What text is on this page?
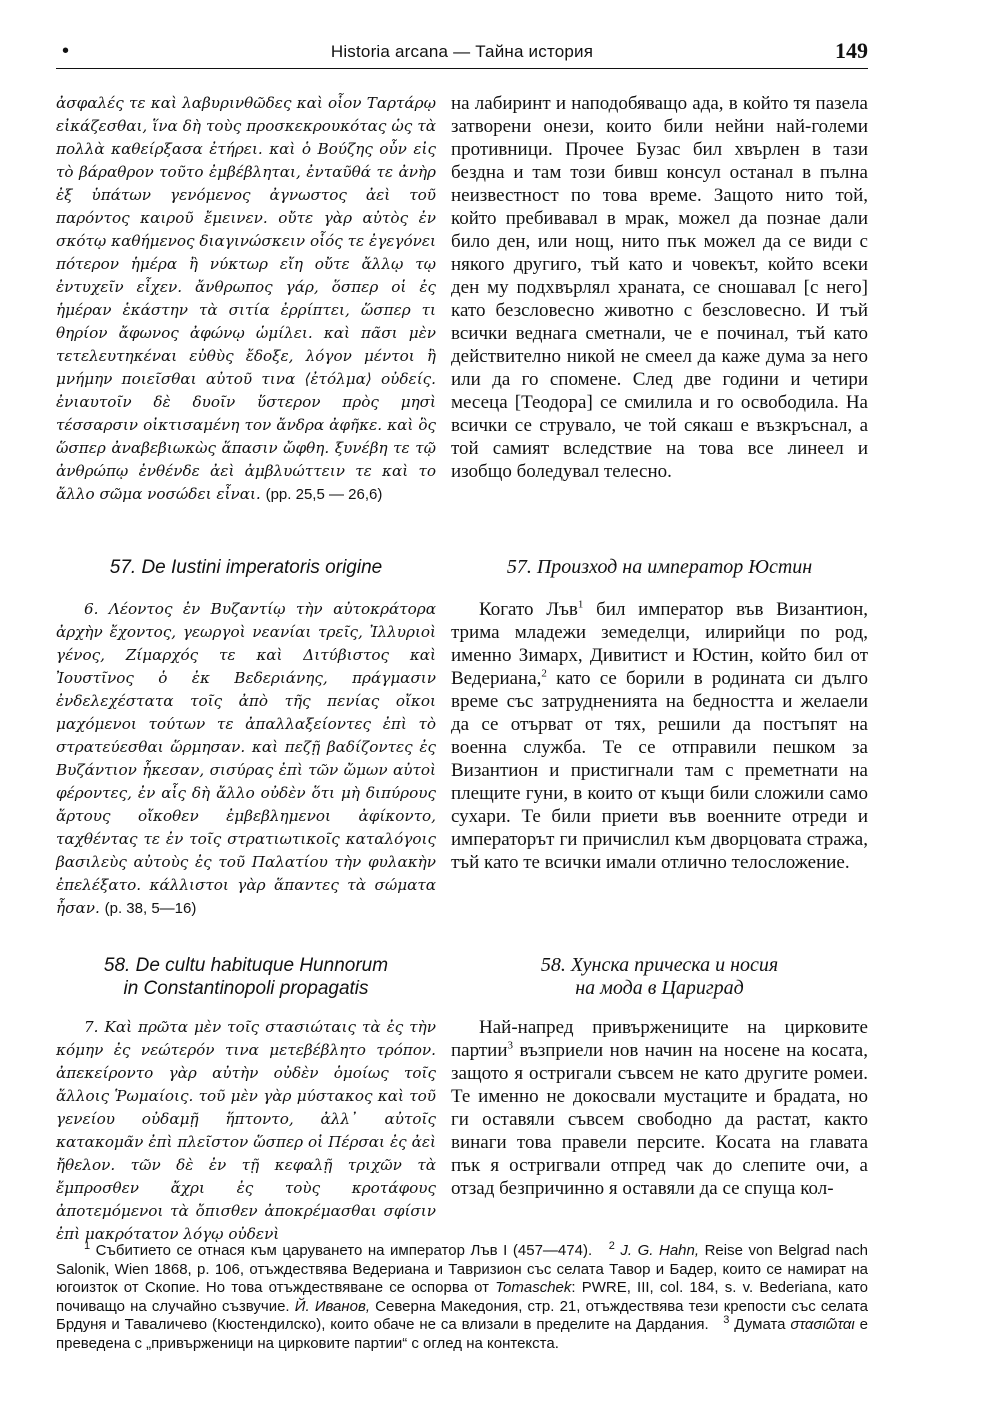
•	Historia arcana — Тайна история	149

ἀσφαλές τε καὶ λαβυρινθῶδες καὶ οἷον Ταρτάρῳ εἰκάζεσθαι, ἵνα δὴ τοὺς προσκεκρουκότας ὡς τὰ πολλὰ καθείρξασα ἐτήρει. καὶ ὁ Βούζης οὖν εἰς τὸ βάραθρον τοῦτο ἐμβέβληται, ἐνταῦθά τε ἀνὴρ ἐξ ὑπάτων γενόμενος ἀγνωστος ἀεὶ τοῦ παρόντος καιροῦ ἔμεινεν. οὔτε γὰρ αὐτὸς ἐν σκότῳ καθήμενος διαγινώσκειν οἷός τε ἐγεγόνει πότερον ἡμέρα ἢ νύκτωρ εἴη οὔτε ἄλλῳ τῳ ἐντυχεῖν εἶχεν. ἄνθρωπος γάρ, ὅσπερ οἱ ἐς ἡμέραν ἑκάστην τὰ σιτία ἐρρίπτει, ὥσπερ τι θηρίον ἄφωνος ἀφώνῳ ὡμίλει. καὶ πᾶσι μὲν τετελευτηκέναι εὐθὺς ἔδοξε, λόγον μέντοι ἢ μνήμην ποιεῖσθαι αὐτοῦ τινα ⟨ἐτόλμα⟩ οὐδείς. ἐνιαυτοῖν δὲ δυοῖν ὕστερον πρὸς μησὶ τέσσαρσιν οἰκτισαμένη τον ἄνδρα ἀφῆκε. καὶ ὃς ὥσπερ ἀναβεβιωκὼς ἅπασιν ὤφθη. ξυνέβη τε τῷ ἀνθρώπῳ ἐνθένδε ἀεὶ ἀμβλυώττειν τε καὶ το ἄλλο σῶμα νοσώδει εἶναι. (pp. 25,5 — 26,6)

на лабиринт и наподобяващо ада, в който тя пазела затворени онези, които били нейни най-големи противници. Прочее Бузас бил хвърлен в тази бездна и там този бивш консул останал в пълна неизвестност по това време. Защото нито той, който пребивавал в мрак, можел да познае дали било ден, или нощ, нито пък можел да се види с някого другиго, тъй като и човекът, който всеки ден му подхвърлял храната, се сношавал [с него] като безсловесно животно с безсловесно. И тъй всички веднага сметнали, че е починал, тъй като действително никой не смеел да каже дума за него или да го спомене. След две години и четири месеца [Теодора] се смилила и го освободила. На всички се струвало, че той сякаш е възкръснал, а той самият вследствие на това все линеел и изобщо боледувал телесно.

57. De Iustini imperatoris origine	57. Произход на император Юстин

6. Λέοντος ἐν Βυζαντίῳ τὴν αὐτοκράτορα ἀρχὴν ἔχοντος, γεωργοὶ νεανίαι τρεῖς, Ἰλλυριοὶ γένος, Ζίμαρχός τε καὶ Διτύβιστος καὶ Ἰουστῖνος ὁ ἐκ Βεδεριάνης, πράγμασιν ἐνδελεχέστατα τοῖς ἀπὸ τῆς πενίας οἴκοι μαχόμενοι τούτων τε ἀπαλλαξείοντες ἐπὶ τὸ στρατεύεσθαι ὥρμησαν. καὶ πεζῇ βαδίζοντες ἐς Βυζάντιον ἧκεσαν, σισύρας ἐπὶ τῶν ὤμων αὐτοὶ φέροντες, ἐν αἷς δὴ ἄλλο οὐδὲν ὅτι μὴ διπύρους ἄρτους οἴκοθεν ἐμβεβλημενοι ἀφίκοντο, ταχθέντας τε ἐν τοῖς στρατιωτικοῖς καταλόγοις βασιλεὺς αὐτοὺς ἐς τοῦ Παλατίου τὴν φυλακὴν ἐπελέξατο. κάλλιστοι γὰρ ἅπαντες τὰ σώματα ἦσαν. (p. 38, 5—16)

Когато Лъв$^1$ бил император във Византион, трима младежи земеделци, илирийци по род, именно Зимарх, Дивитист и Юстин, който бил от Ведериана,$^2$ като се борили в родината си дълго време със затрудненията на бедността и желаели да се отърват от тях, решили да постъпят на военна служба. Те се отправили пешком за Византион и пристигнали там с преметнати на плещите гуни, в които от къщи били сложили само сухари. Те били приети във военните отреди и императорът ги причислил към дворцовата стража, тъй като те всички имали отлично телосложение.

58. De cultu habituque Hunnorum
in Constantinopoli propagatis
58. Хунска прическа и носия
на мода в Цариград

7. Καὶ πρῶτα μὲν τοῖς στασιώταις τὰ ἐς τὴν κόμην ἐς νεώτερόν τινα μετεβέβλητο τρόπον. ἀπεκείροντο γὰρ αὐτὴν οὐδὲν ὁμοίως τοῖς ἄλλοις Ῥωμαίοις. τοῦ μὲν γὰρ μύστακος καὶ τοῦ γενείου οὐδαμῇ ἥπτοντο, ἀλλ᾽ αὐτοῖς κατακομᾶν ἐπὶ πλεῖστον ὥσπερ οἱ Πέρσαι ἐς ἀεὶ ἤθελον. τῶν δὲ ἐν τῇ κεφαλῇ τριχῶν τὰ ἔμπροσθεν ἄχρι ἐς τοὺς κροτάφους ἀποτεμόμενοι τὰ ὄπισθεν ἀποκρέμασθαι σφίσιν ἐπὶ μακρότατον λόγῳ οὐδενὶ

Най-напред привържениците на цирковите партии$^3$ възприели нов начин на носене на косата, защото я остригали съвсем не като другите ромеи. Те именно не докосвали мустаците и брадата, но ги оставяли съвсем свободно да растат, както винаги това правели персите. Косата на главата пък я остригвали отпред чак до слепите очи, а отзад безпричинно я оставяли да се спуща кол-

$^1$ Събитието се отнася към царуването на император Лъв I (457—474). $^2$ J. G. Hahn, Reise von Belgrad nach Salonik, Wien 1868, p. 106, отъждествява Ведериана и Тавризион със селата Тавор и Бадер, които се намират на югоизток от Скопие. Но това отъждествяване се оспорва от Tomaschek: PWRE, III, col. 184, s. v. Bederiana, като почиващо на случайно съзвучие. Й. Иванов, Северна Македония, стр. 21, отъждествява тези крепости със селата Брдуня и Таваличево (Кюстендилско), които обаче не са влизали в пределите на Дардания. $^3$ Думата στασιῶται е преведена с „привърженици на цирковите партии“ с оглед на контекста.
